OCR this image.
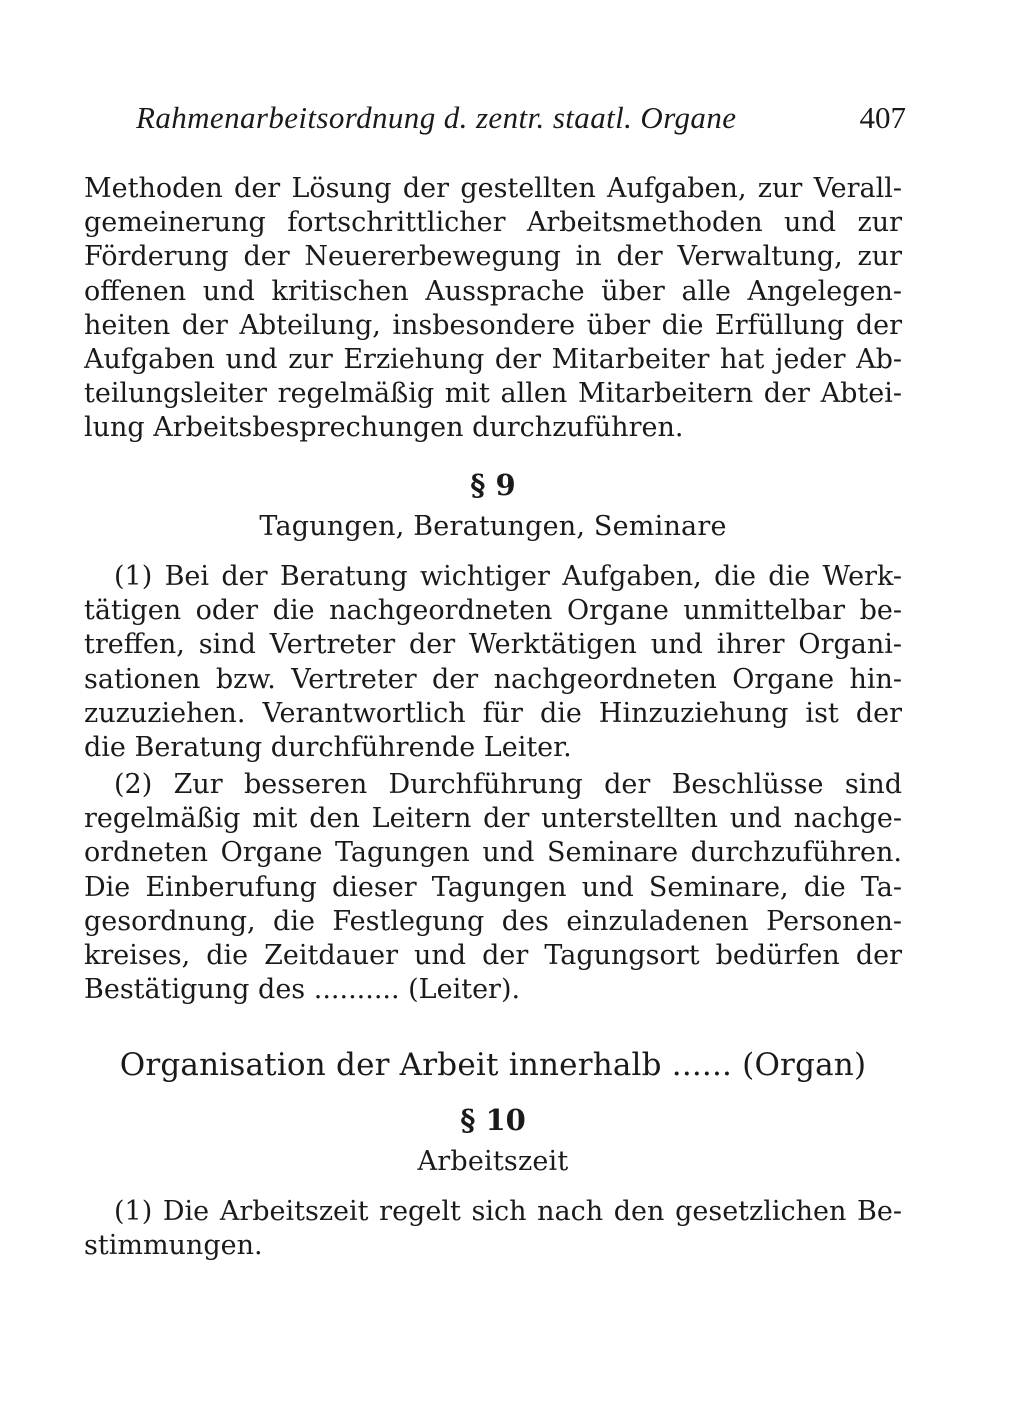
Rahmenarbeitsordnung d. zentr. staatl. Organe	407
Methoden der Lösung der gestellten Aufgaben, zur Verall-
gemeinerung fortschrittlicher Arbeitsmethoden und zur
Förderung der Neuererbewegung in der Verwaltung, zur
offenen und kritischen Aussprache über alle Angelegen-
heiten der Abteilung, insbesondere über die Erfüllung der
Aufgaben und zur Erziehung der Mitarbeiter hat jeder Ab-
teilungsleiter regelmäßig mit allen Mitarbeitern der Abtei-
lung Arbeitsbesprechungen durchzuführen.
§ 9
Tagungen, Beratungen, Seminare
(1) Bei der Beratung wichtiger Aufgaben, die die Werk-
tätigen oder die nachgeordneten Organe unmittelbar be-
treffen, sind Vertreter der Werktätigen und ihrer Organi-
sationen bzw. Vertreter der nachgeordneten Organe hin-
zuzuziehen. Verantwortlich für die Hinzuziehung ist der
die Beratung durchführende Leiter.
(2) Zur besseren Durchführung der Beschlüsse sind
regelmäßig mit den Leitern der unterstellten und nachge-
ordneten Organe Tagungen und Seminare durchzuführen.
Die Einberufung dieser Tagungen und Seminare, die Ta-
gesordnung, die Festlegung des einzuladenen Personen-
kreises, die Zeitdauer und der Tagungsort bedürfen der
Bestätigung des .......... (Leiter).
Organisation der Arbeit innerhalb ...... (Organ)
§ 10
Arbeitszeit
(1) Die Arbeitszeit regelt sich nach den gesetzlichen Be-
stimmungen.
